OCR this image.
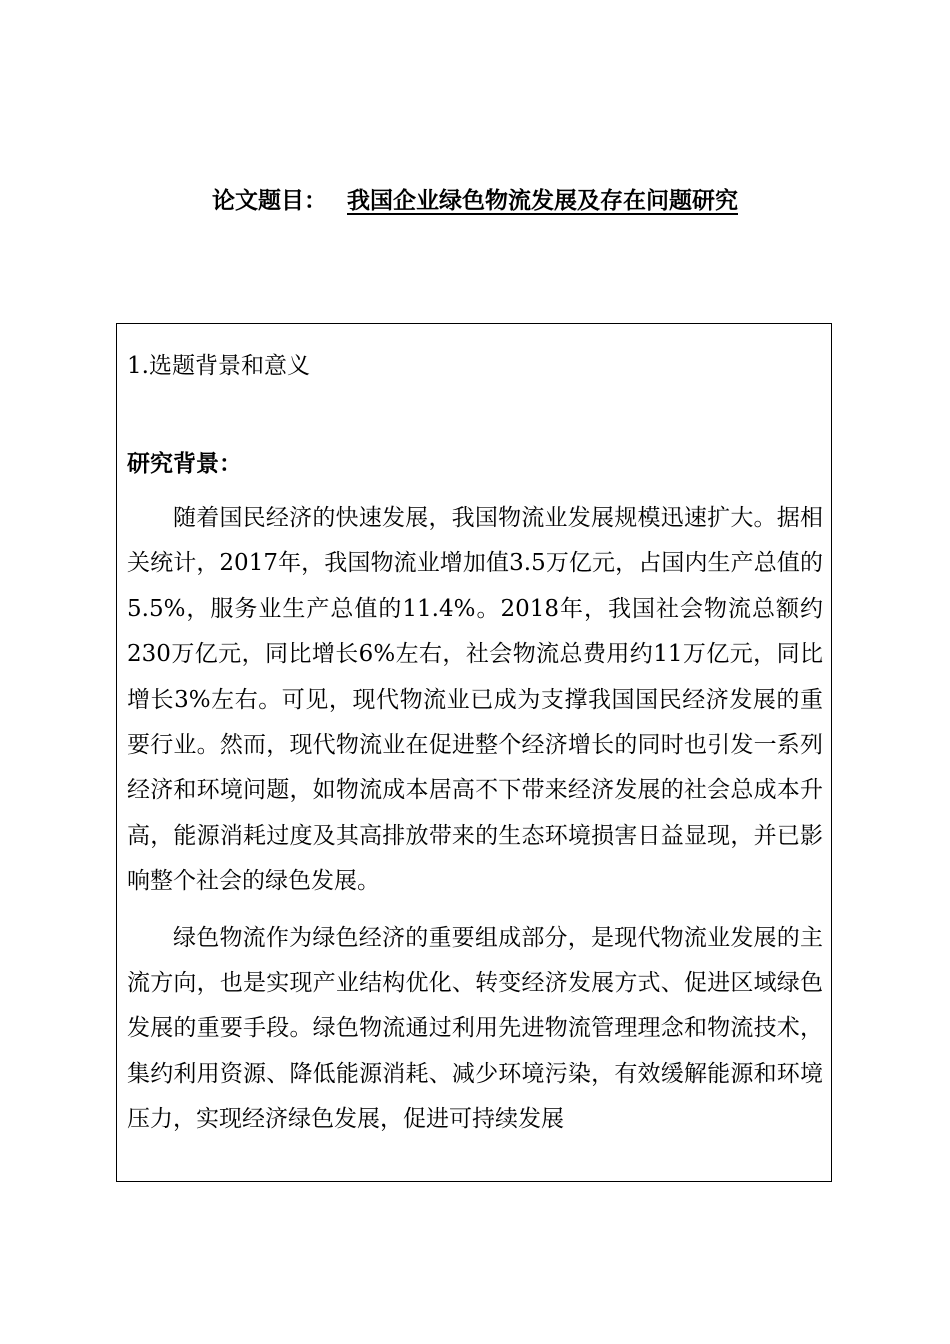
论文题目： 我国企业绿色物流发展及存在问题研究
1.选题背景和意义
研究背景：

随着国民经济的快速发展，我国物流业发展规模迅速扩大。据相关统计，2017年，我国物流业增加值3.5万亿元，占国内生产总值的5.5%，服务业生产总值的11.4%。2018年，我国社会物流总额约230万亿元，同比增长6%左右，社会物流总费用约11万亿元，同比增长3%左右。可见，现代物流业已成为支撑我国国民经济发展的重要行业。然而，现代物流业在促进整个经济增长的同时也引发一系列经济和环境问题，如物流成本居高不下带来经济发展的社会总成本升高，能源消耗过度及其高排放带来的生态环境损害日益显现，并已影响整个社会的绿色发展。

绿色物流作为绿色经济的重要组成部分，是现代物流业发展的主流方向，也是实现产业结构优化、转变经济发展方式、促进区域绿色发展的重要手段。绿色物流通过利用先进物流管理理念和物流技术，集约利用资源、降低能源消耗、减少环境污染，有效缓解能源和环境压力，实现经济绿色发展，促进可持续发展
